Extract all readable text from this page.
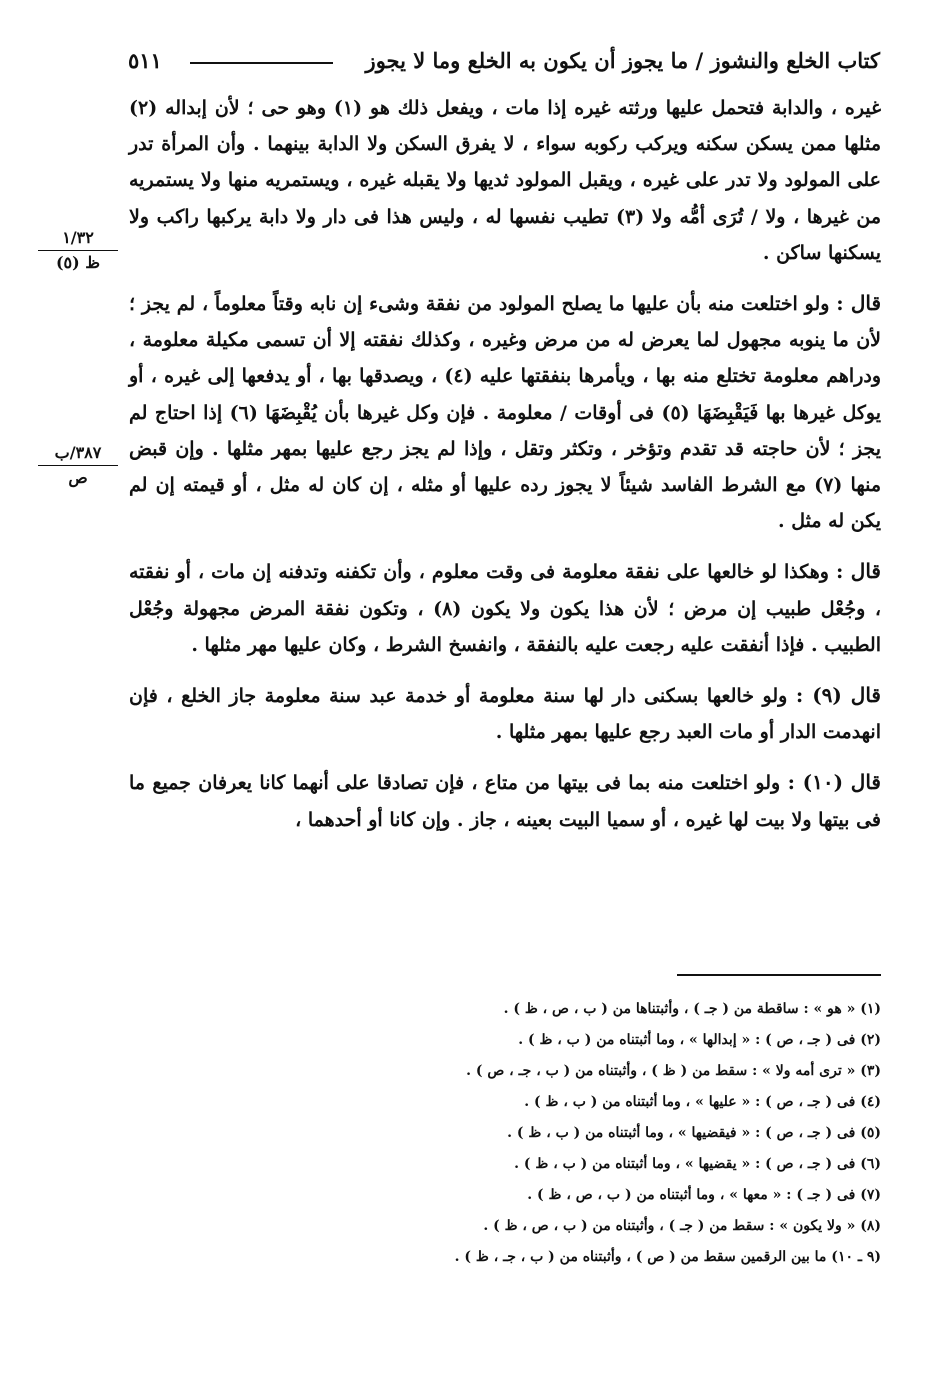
كتاب الخلع والنشوز / ما يجوز أن يكون به الخلع وما لا يجوز
٥١١
١/٣٢
ظ (٥)
٣٨٧/ب
ص

غيره ، والدابة فتحمل عليها ورثته غيره إذا مات ، ويفعل ذلك هو (١) وهو حى ؛ لأن إبداله (٢) مثلها ممن يسكن سكنه ويركب ركوبه سواء ، لا يفرق السكن ولا الدابة بينهما . وأن المرأة تدر على المولود ولا تدر على غيره ، ويقبل المولود ثديها ولا يقبله غيره ، ويستمريه منها ولا يستمريه من غيرها ، ولا / تُرَى أمُّه ولا (٣) تطيب نفسها له ، وليس هذا فى دار ولا دابة يركبها راكب ولا يسكنها ساكن .

قال : ولو اختلعت منه بأن عليها ما يصلح المولود من نفقة وشىء إن نابه وقتاً معلوماً ، لم يجز ؛ لأن ما ينوبه مجهول لما يعرض له من مرض وغيره ، وكذلك نفقته إلا أن تسمى مكيلة معلومة ، ودراهم معلومة تختلع منه بها ، ويأمرها بنفقتها عليه (٤) ، ويصدقها بها ، أو يدفعها إلى غيره ، أو يوكل غيرها بها فَيَقْبِضَهَا (٥) فى أوقات / معلومة . فإن وكل غيرها بأن يُقْبِضَهَا (٦) إذا احتاج لم يجز ؛ لأن حاجته قد تقدم وتؤخر ، وتكثر وتقل ، وإذا لم يجز رجع عليها بمهر مثلها . وإن قبض منها (٧) مع الشرط الفاسد شيئاً لا يجوز رده عليها أو مثله ، إن كان له مثل ، أو قيمته إن لم يكن له مثل .

قال : وهكذا لو خالعها على نفقة معلومة فى وقت معلوم ، وأن تكفنه وتدفنه إن مات ، أو نفقته ، وجُعْل طبيب إن مرض ؛ لأن هذا يكون ولا يكون (٨) ، وتكون نفقة المرض مجهولة وجُعْل الطبيب . فإذا أنفقت عليه رجعت عليه بالنفقة ، وانفسخ الشرط ، وكان عليها مهر مثلها .

قال (٩) : ولو خالعها بسكنى دار لها سنة معلومة أو خدمة عبد سنة معلومة جاز الخلع ، فإن انهدمت الدار أو مات العبد رجع عليها بمهر مثلها .

قال (١٠) : ولو اختلعت منه بما فى بيتها من متاع ، فإن تصادقا على أنهما كانا يعرفان جميع ما فى بيتها ولا بيت لها غيره ، أو سميا البيت بعينه ، جاز . وإن كانا أو أحدهما ،

(١) « هو » : ساقطة من ( جـ ) ، وأثبتناها من ( ب ، ص ، ظ ) .

(٢) فى ( جـ ، ص ) : « إبدالها » ، وما أثبتناه من ( ب ، ظ ) .

(٣) « ترى أمه ولا » : سقط من ( ظ ) ، وأثبتناه من ( ب ، جـ ، ص ) .

(٤) فى ( جـ ، ص ) : « عليها » ، وما أثبتناه من ( ب ، ظ ) .

(٥) فى ( جـ ، ص ) : « فيقضيها » ، وما أثبتناه من ( ب ، ظ ) .

(٦) فى ( جـ ، ص ) : « يقضيها » ، وما أثبتناه من ( ب ، ظ ) .

(٧) فى ( جـ ) : « معها » ، وما أثبتناه من ( ب ، ص ، ظ ) .

(٨) « ولا يكون » : سقط من ( جـ ) ، وأثبتناه من ( ب ، ص ، ظ ) .

(٩ ـ ١٠) ما بين الرقمين سقط من ( ص ) ، وأثبتناه من ( ب ، جـ ، ظ ) .
